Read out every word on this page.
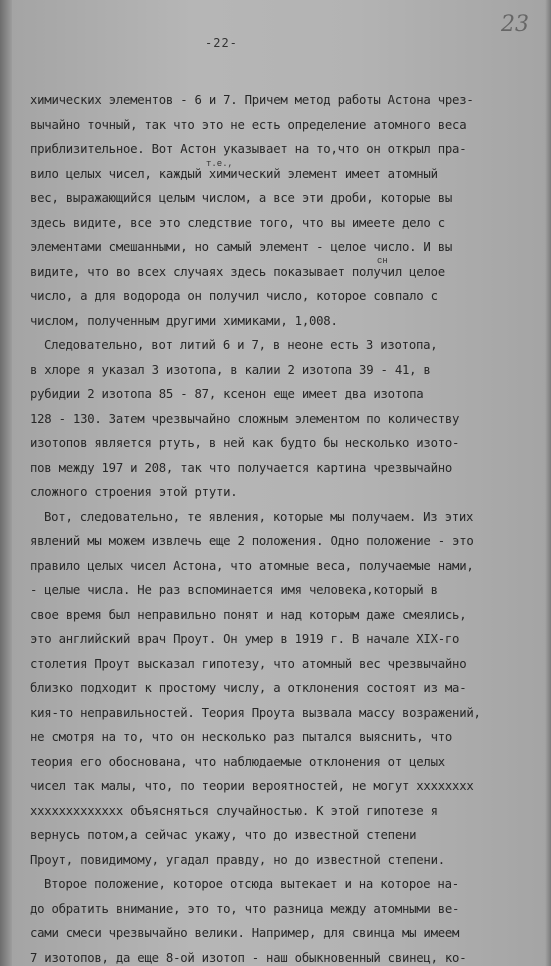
23
-22-
т.е.,
сн
химических элементов - 6 и 7. Причем метод работы Астона чрез-
вычайно точный, так что это не есть определение атомного веса
приблизительное. Вот Астон указывает на то,что он открыл пра-
вило целых чисел, каждый химический элемент имеет атомный
вес, выражающийся целым числом, а все эти дроби, которые вы
здесь видите, все это следствие того, что вы имеете дело с
элементами смешанными, но самый элемент - целое число. И вы
видите, что во всех случаях здесь показывает получил целое
число, а для водорода он получил число, которое совпало с
числом, полученным другими химиками, 1,008.
Следовательно, вот литий 6 и 7, в неоне есть 3 изотопа,
в хлоре я указал 3 изотопа, в калии 2 изотопа 39 - 41, в
рубидии 2 изотопа 85 - 87, ксенон еще имеет два изотопа
128 - 130. Затем чрезвычайно сложным элементом по количеству
изотопов является ртуть, в ней как будто бы несколько изото-
пов между 197 и 208, так что получается картина чрезвычайно
сложного строения этой ртути.
Вот, следовательно, те явления, которые мы получаем. Из этих
явлений мы можем извлечь еще 2 положения. Одно положение - это
правило целых чисел Астона, что атомные веса, получаемые нами,
- целые числа. Не раз вспоминается имя человека,который в
свое время был неправильно понят и над которым даже смеялись,
это английский врач Проут. Он умер в 1919 г. В начале XIX-го
столетия Проут высказал гипотезу, что атомный вес чрезвычайно
близко подходит к простому числу, а отклонения состоят из ма-
кия-то неправильностей. Теория Проута вызвала массу возражений,
не смотря на то, что он несколько раз пытался выяснить, что
теория его обоснована, что наблюдаемые отклонения от целых
чисел так малы, что, по теории вероятностей, не могут хххххххх
ххххххххххххх объясняться случайностью. К этой гипотезе я
вернусь потом,а сейчас укажу, что до известной степени
Проут, повидимому, угадал правду, но до известной степени.
Второе положение, которое отсюда вытекает и на которое на-
до обратить внимание, это то, что разница между атомными ве-
сами смеси чрезвычайно велики. Например, для свинца мы имеем
7 изотопов, да еще 8-ой изотоп - наш обыкновенный свинец, ко-
